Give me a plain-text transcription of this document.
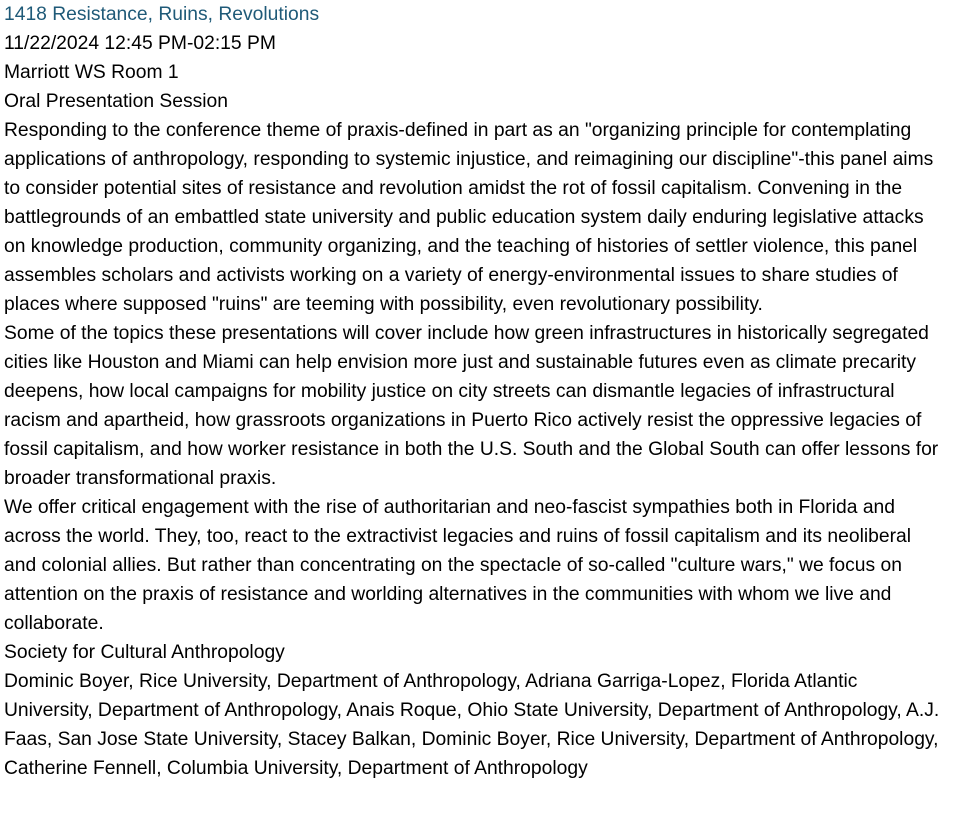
1418 Resistance, Ruins, Revolutions
11/22/2024 12:45 PM-02:15 PM
Marriott WS Room 1
Oral Presentation Session

Responding to the conference theme of praxis-defined in part as an "organizing principle for contemplating applications of anthropology, responding to systemic injustice, and reimagining our discipline"-this panel aims to consider potential sites of resistance and revolution amidst the rot of fossil capitalism. Convening in the battlegrounds of an embattled state university and public education system daily enduring legislative attacks on knowledge production, community organizing, and the teaching of histories of settler violence, this panel assembles scholars and activists working on a variety of energy-environmental issues to share studies of places where supposed "ruins" are teeming with possibility, even revolutionary possibility.

Some of the topics these presentations will cover include how green infrastructures in historically segregated cities like Houston and Miami can help envision more just and sustainable futures even as climate precarity deepens, how local campaigns for mobility justice on city streets can dismantle legacies of infrastructural racism and apartheid, how grassroots organizations in Puerto Rico actively resist the oppressive legacies of fossil capitalism, and how worker resistance in both the U.S. South and the Global South can offer lessons for broader transformational praxis.

We offer critical engagement with the rise of authoritarian and neo-fascist sympathies both in Florida and across the world. They, too, react to the extractivist legacies and ruins of fossil capitalism and its neoliberal and colonial allies. But rather than concentrating on the spectacle of so-called "culture wars," we focus on attention on the praxis of resistance and worlding alternatives in the communities with whom we live and collaborate.

Society for Cultural Anthropology

Dominic Boyer, Rice University, Department of Anthropology, Adriana Garriga-Lopez, Florida Atlantic University, Department of Anthropology, Anais Roque, Ohio State University, Department of Anthropology, A.J. Faas, San Jose State University, Stacey Balkan, Dominic Boyer, Rice University, Department of Anthropology, Catherine Fennell, Columbia University, Department of Anthropology
